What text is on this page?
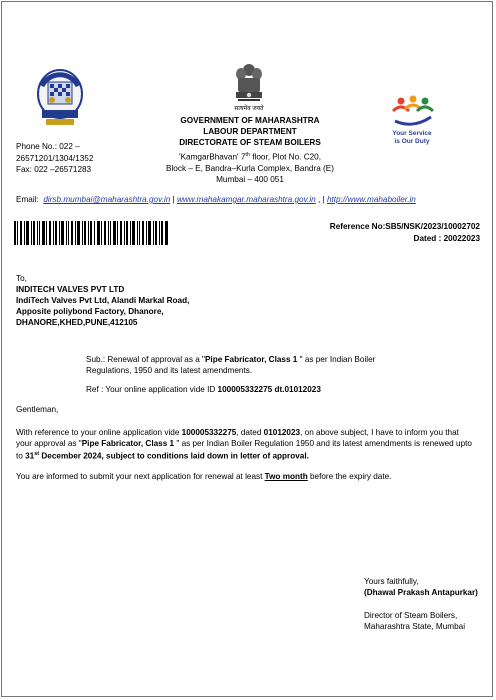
Phone No.: 022 –
26571201/1304/1352
Fax: 022 –26571283
सत्यमेव जयते
GOVERNMENT OF MAHARASHTRA
LABOUR DEPARTMENT
DIRECTORATE OF STEAM BOILERS
'KamgarBhavan' 7th floor, Plot No. C20,
Block – E, Bandra–Kurla Complex, Bandra (E)
Mumbai – 400 051
Your Service
is Our Duty
Email: dirsb.mumbai@maharashtra.gov.in | www.mahakamgar.maharashtra.gov.in , | http://www.mahaboiler.in
Reference No:SB5/NSK/2023/10002702
Dated : 20022023
To,
INDITECH VALVES PVT LTD
IndiTech Valves Pvt Ltd, Alandi Markal Road,
Apposite poliybond Factory, Dhanore,
DHANORE,KHED,PUNE,412105
Sub.: Renewal of approval as a "Pipe Fabricator, Class 1 " as per Indian Boiler
Regulations, 1950 and its latest amendments.
Ref : Your online application vide ID 100005332275 dt.01012023
Gentleman,
With reference to your online application vide 100005332275, dated 01012023, on above subject, I have to inform you that
your approval as "Pipe Fabricator, Class 1 " as per Indian Boiler Regulation 1950 and its latest amendments is renewed upto
to 31st December 2024, subject to conditions laid down in letter of approval.
You are informed to submit your next application for renewal at least Two month before the expiry date.
Yours faithfully,
(Dhawal Prakash Antapurkar)
Director of Steam Boilers,
Maharashtra State, Mumbai
